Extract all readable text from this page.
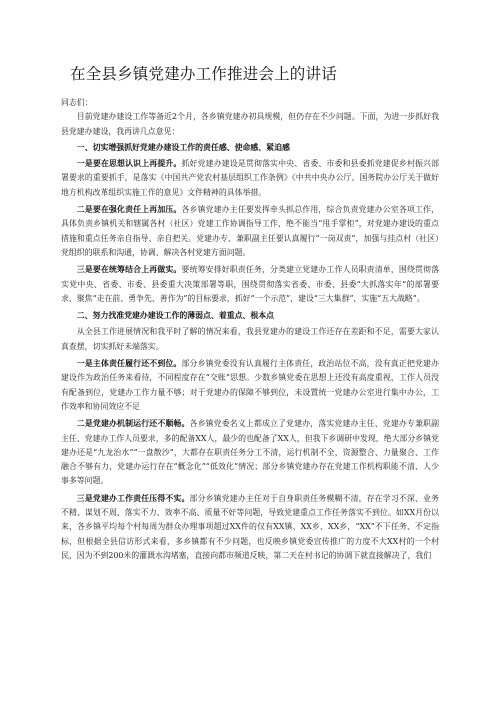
在全县乡镇党建办工作推进会上的讲话

同志们：

目前党建办建设工作等备近2个月，各乡镇党建办初具规模，但仍存在不少问题。下面，为进一步抓好我县党建办建设，我再讲几点意见：

一、切实增强抓好党建办建设工作的责任感、使命感、紧迫感

一是要在思想认识上再提升。抓好党建办建设是贯彻落实中央、省委、市委和县委抓党建促乡村振兴部署要求的重要抓手，是落实《中国共产党农村基层组织工作条例》《中共中央办公厅、国务院办公厅关于做好地方机构改革组织实施工作的意见》文件精神的具体举措。

二是要在强化责任上再加压。各乡镇党建办主任要发挥牵头抓总作用，综合负责党建办公室各项工作，具体负责乡镇机关和辖属各村（社区）党建工作协调指导工作，绝不能当“甩手掌柜”，对党建办建设的重点措施和重点任务亲自指导、亲自把关。党建办专、兼职副主任要认真履行“一岗双责”，加强与挂点村（社区）党组织的联系和沟通，协调、解决各村党建方面问题。

三是要在统筹结合上再做实。要统筹安排好职责任务，分类建立党建办工作人员职责清单，围绕贯彻落实党中央、省委、市委、县委重大决策部署等职，围绕贯彻落实省委、市委、县委“大抓落实年”的部署要求，聚焦“走在前、勇争先、善作为”的目标要求，抓好“一个示范”，建设“三大集群”，实施“五大战略”。

二、努力找准党建办建设工作的薄弱点、着重点、根本点

从全县工作进展情况和我平时了解的情况来看，我县党建办的建设工作还存在差距和不足，需要大家认真查摆，切实抓好未端落实。

一是主体责任履行还不到位。部分乡镇党委没有认真履行主体责任，政治站位不高，没有真正把党建办建设作为政治任务来看待，不同程度存在“交账”思想。少数乡镇党委在思想上还没有高度重视，工作人员没有配备到位，党建办工作力量不够；对于党建办的保障不够到位，未设置统一党建办公室进行集中办公，工作效率和协同效应不足

二是党建办机制运行还不顺畅。各乡镇党委名义上都成立了党建办，落实党建办主任、党建办专兼职副主任、党建办工作人员要求，多的配备XX人，最少的也配备了XX人，但我下乡调研中发现，绝大部分乡镇党建办还是“九龙治水”“一盘散沙”，大都存在职责任务分工不清，运行机制不全，资源整合、力量聚合、工作融合不够有力，党建办运行存在“概念化”“低效化”情况；部分乡镇党建办存在党建工作机构职能不清、人少事多等问题。

三是党建办工作责任压得不实。部分乡镇党建办主任对于自身职责任务模糊不清，存在学习不深、业务不精、谋划不周、落实不力、效率不高、质量不好等问题，导致党建重点工作任务落实不到位。如XX月份以来，各乡镇平均每个村每周为群众办理事项超过XX件的仅有XX镇、XX乡、XX乡，“XX”不下任务、不定指标，但根据全县信访形式来看，多乡镇都有不少问题，也反映乡镇党委宣传推广的力度不大XX村的一个村民，因为不到200米的灌溉水沟堵塞，直接向都市频道反映，第二天在村书记的协调下就直接解决了，我们
